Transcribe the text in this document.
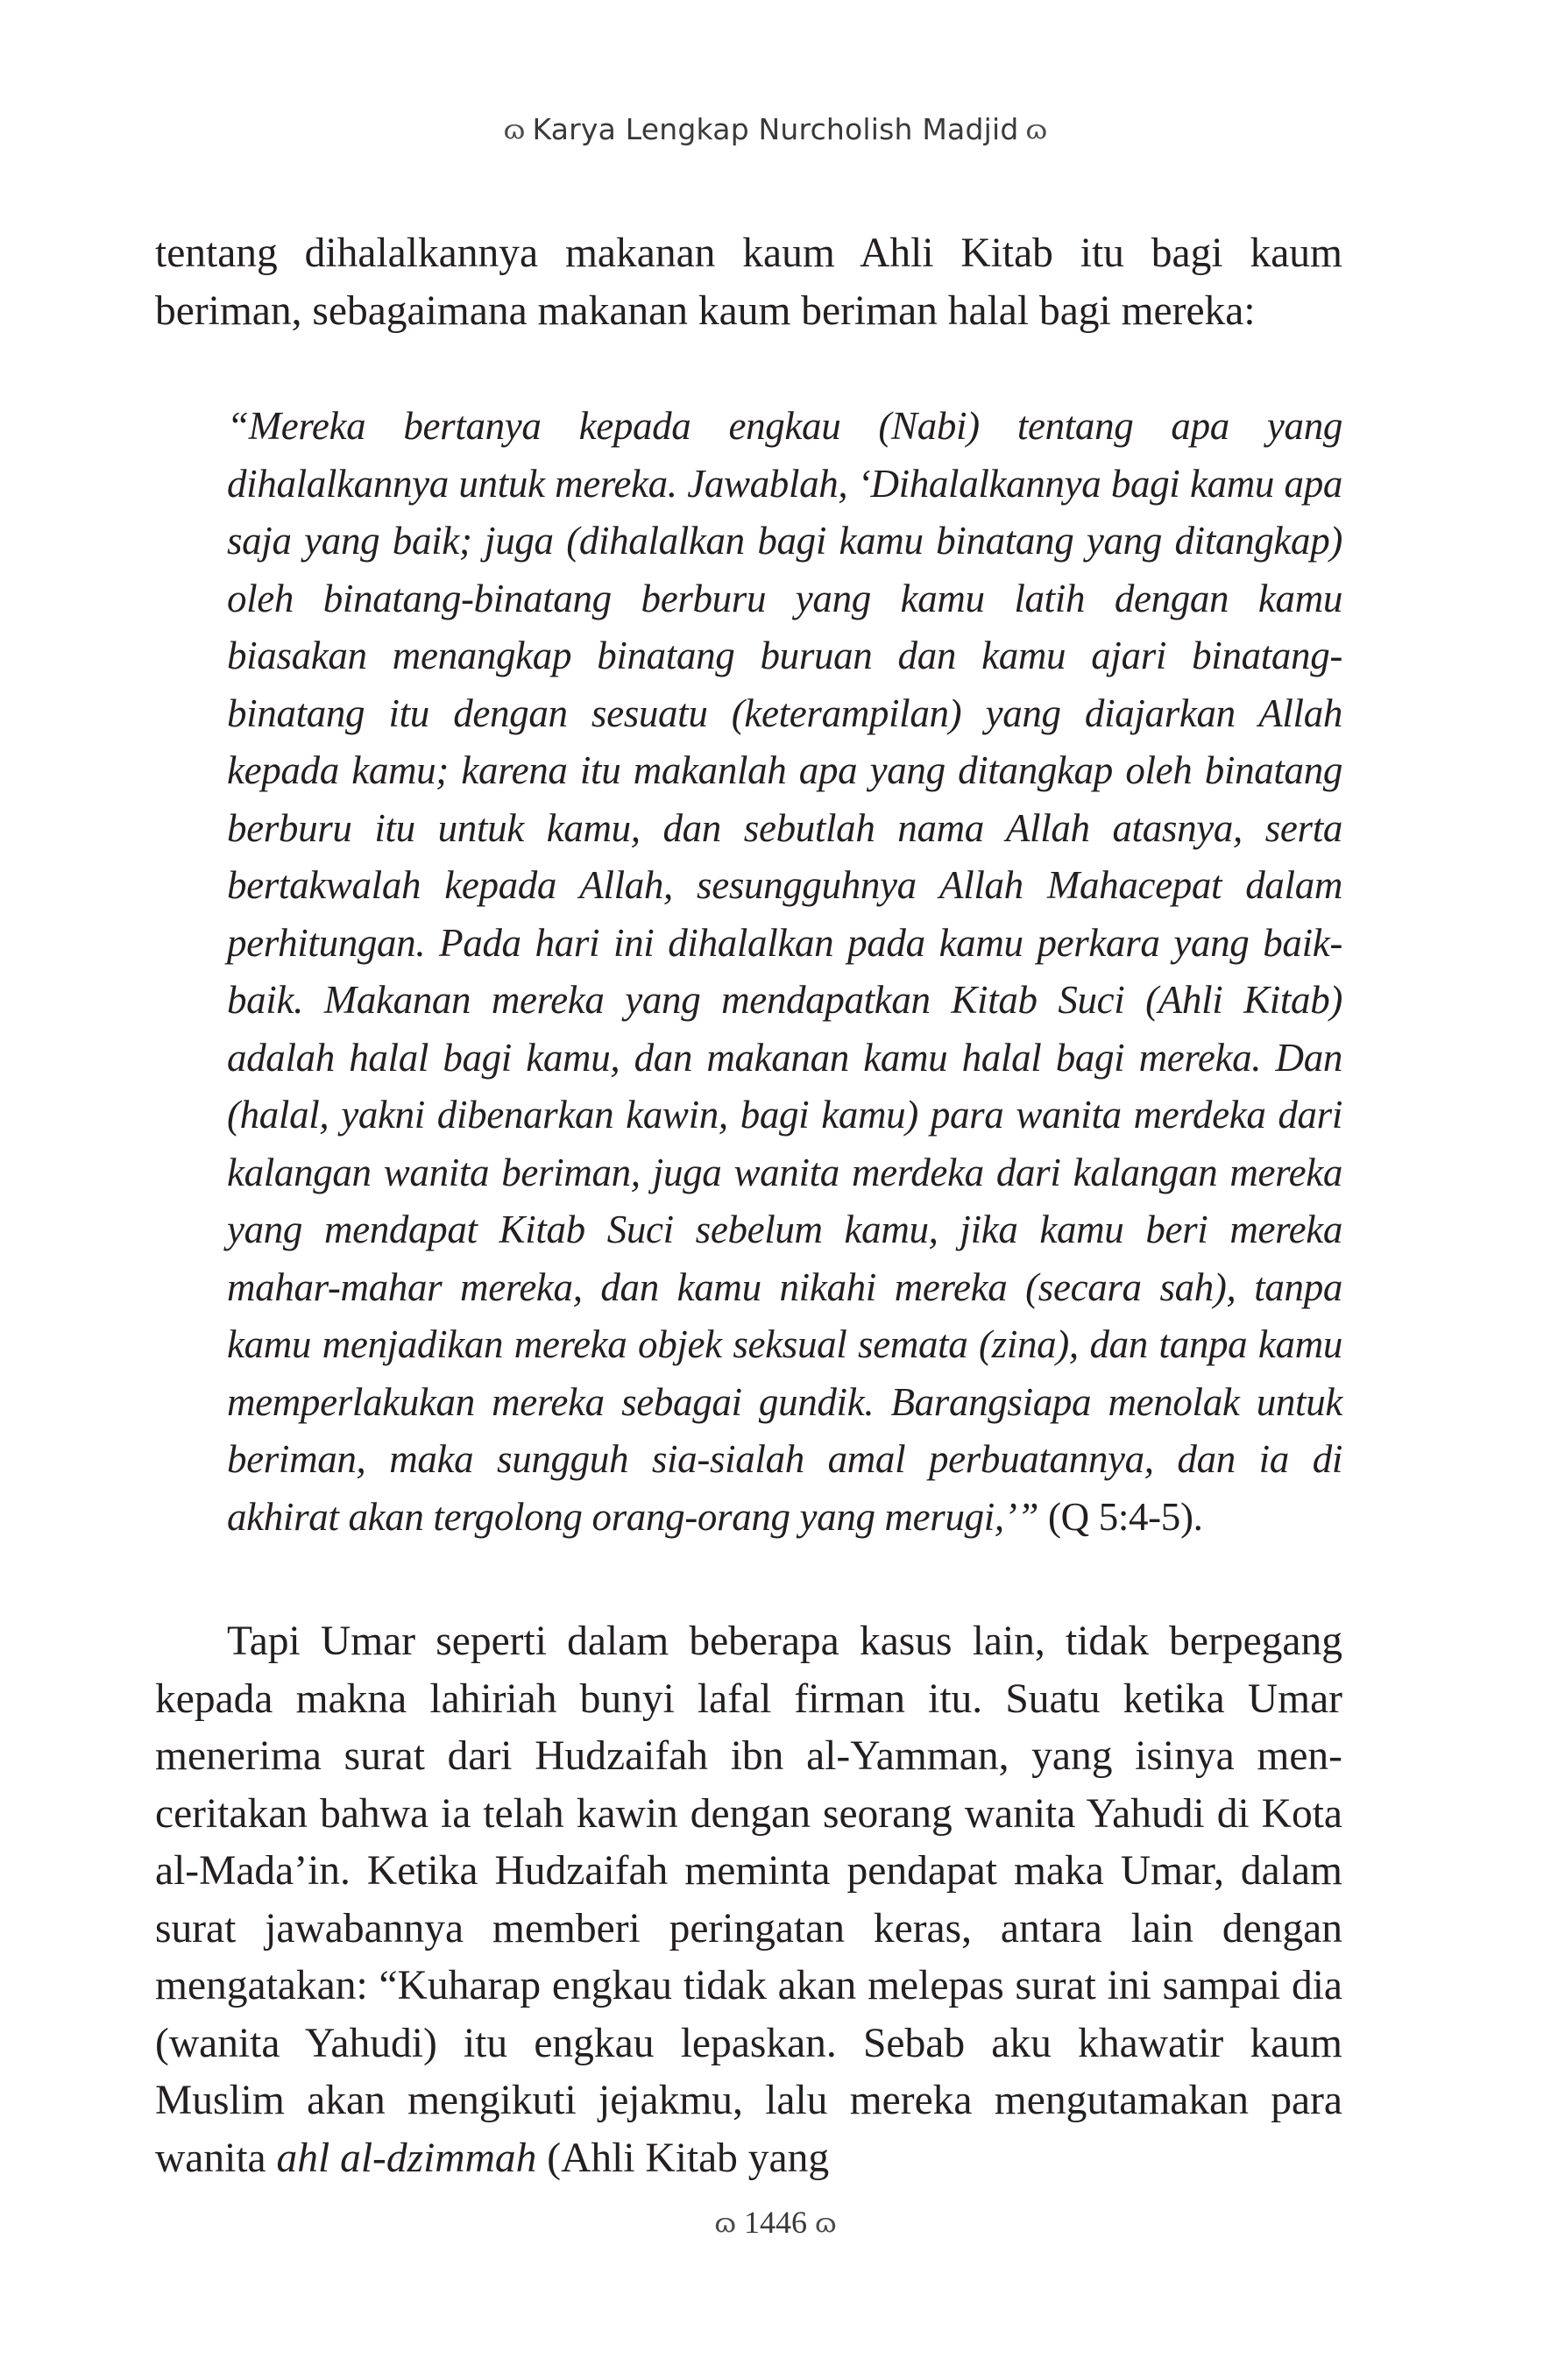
ɷ Karya Lengkap Nurcholish Madjid ɷ

tentang dihalalkannya makanan kaum Ahli Kitab itu bagi kaum beriman, sebagaimana makanan kaum beriman halal bagi mereka:

“Mereka bertanya kepada engkau (Nabi) tentang apa yang dihalalkannya untuk mereka. Jawablah, ‘Dihalalkannya bagi kamu apa saja yang baik; juga (dihalalkan bagi kamu binatang yang ditangkap) oleh binatang-binatang berburu yang kamu latih dengan kamu biasakan menangkap binatang buruan dan kamu ajari binatang-binatang itu dengan sesuatu (keterampilan) yang diajarkan Allah kepada kamu; karena itu makanlah apa yang ditangkap oleh binatang berburu itu untuk kamu, dan sebutlah nama Allah atasnya, serta bertakwalah kepada Allah, sesungguhnya Allah Mahacepat dalam perhitungan. Pada hari ini dihalalkan pada kamu perkara yang baik-baik. Makanan mereka yang mendapatkan Kitab Suci (Ahli Kitab) adalah halal bagi kamu, dan makanan kamu halal bagi mereka. Dan (halal, yakni dibenarkan kawin, bagi kamu) para wanita merdeka dari kalangan wanita beriman, juga wanita merdeka dari kalangan mereka yang mendapat Kitab Suci sebelum kamu, jika kamu beri mereka mahar-mahar mereka, dan kamu nikahi mereka (secara sah), tanpa kamu menjadikan mereka objek seksual semata (zina), dan tanpa kamu memperlakukan mereka sebagai gundik. Barangsiapa menolak untuk beriman, maka sungguh sia-sialah amal perbuatannya, dan ia di akhirat akan tergolong orang-orang yang merugi,’” (Q 5:4-5).

Tapi Umar seperti dalam beberapa kasus lain, tidak berpegang kepada makna lahiriah bunyi lafal firman itu. Suatu ketika Umar menerima surat dari Hudzaifah ibn al-Yamman, yang isinya menceritakan bahwa ia telah kawin dengan seorang wanita Yahudi di Kota al-Mada’in. Ketika Hudzaifah meminta pendapat maka Umar, dalam surat jawabannya memberi peringatan keras, antara lain dengan mengatakan: “Kuharap engkau tidak akan melepas surat ini sampai dia (wanita Yahudi) itu engkau lepaskan. Sebab aku khawatir kaum Muslim akan mengikuti jejakmu, lalu mereka mengutamakan para wanita ahl al-dzimmah (Ahli Kitab yang

ɷ 1446 ɷ
